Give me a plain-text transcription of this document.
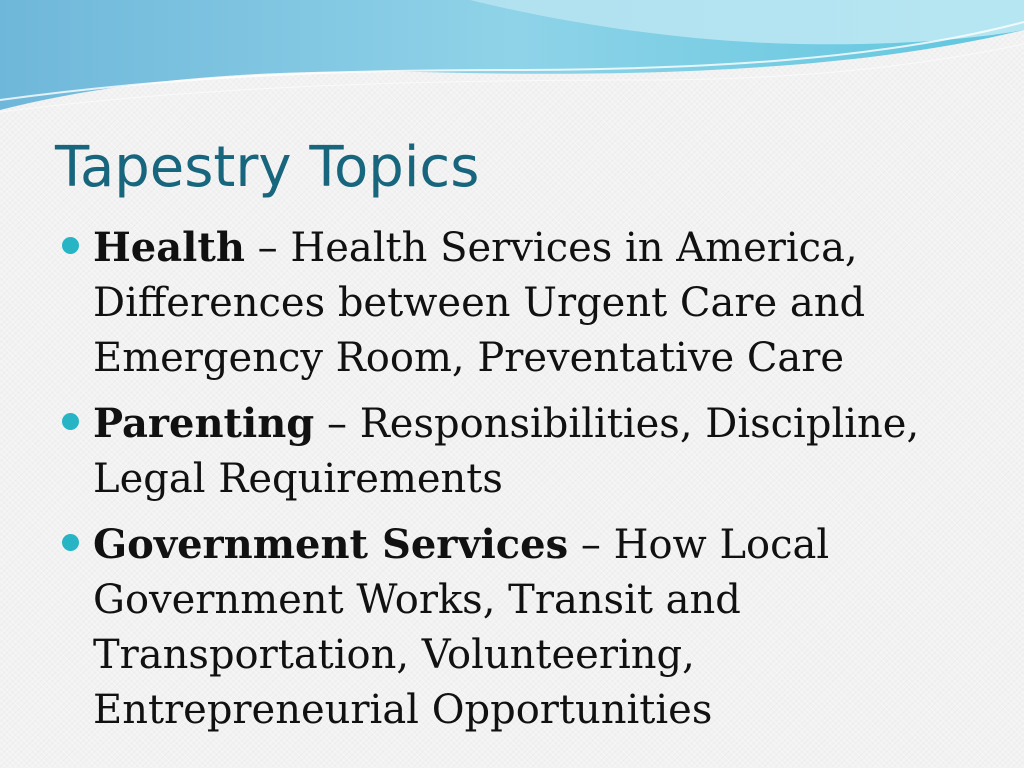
Tapestry Topics
Health – Health Services in America, Differences between Urgent Care and Emergency Room, Preventative Care
Parenting – Responsibilities, Discipline, Legal Requirements
Government Services – How Local Government Works, Transit and Transportation, Volunteering, Entrepreneurial Opportunities
